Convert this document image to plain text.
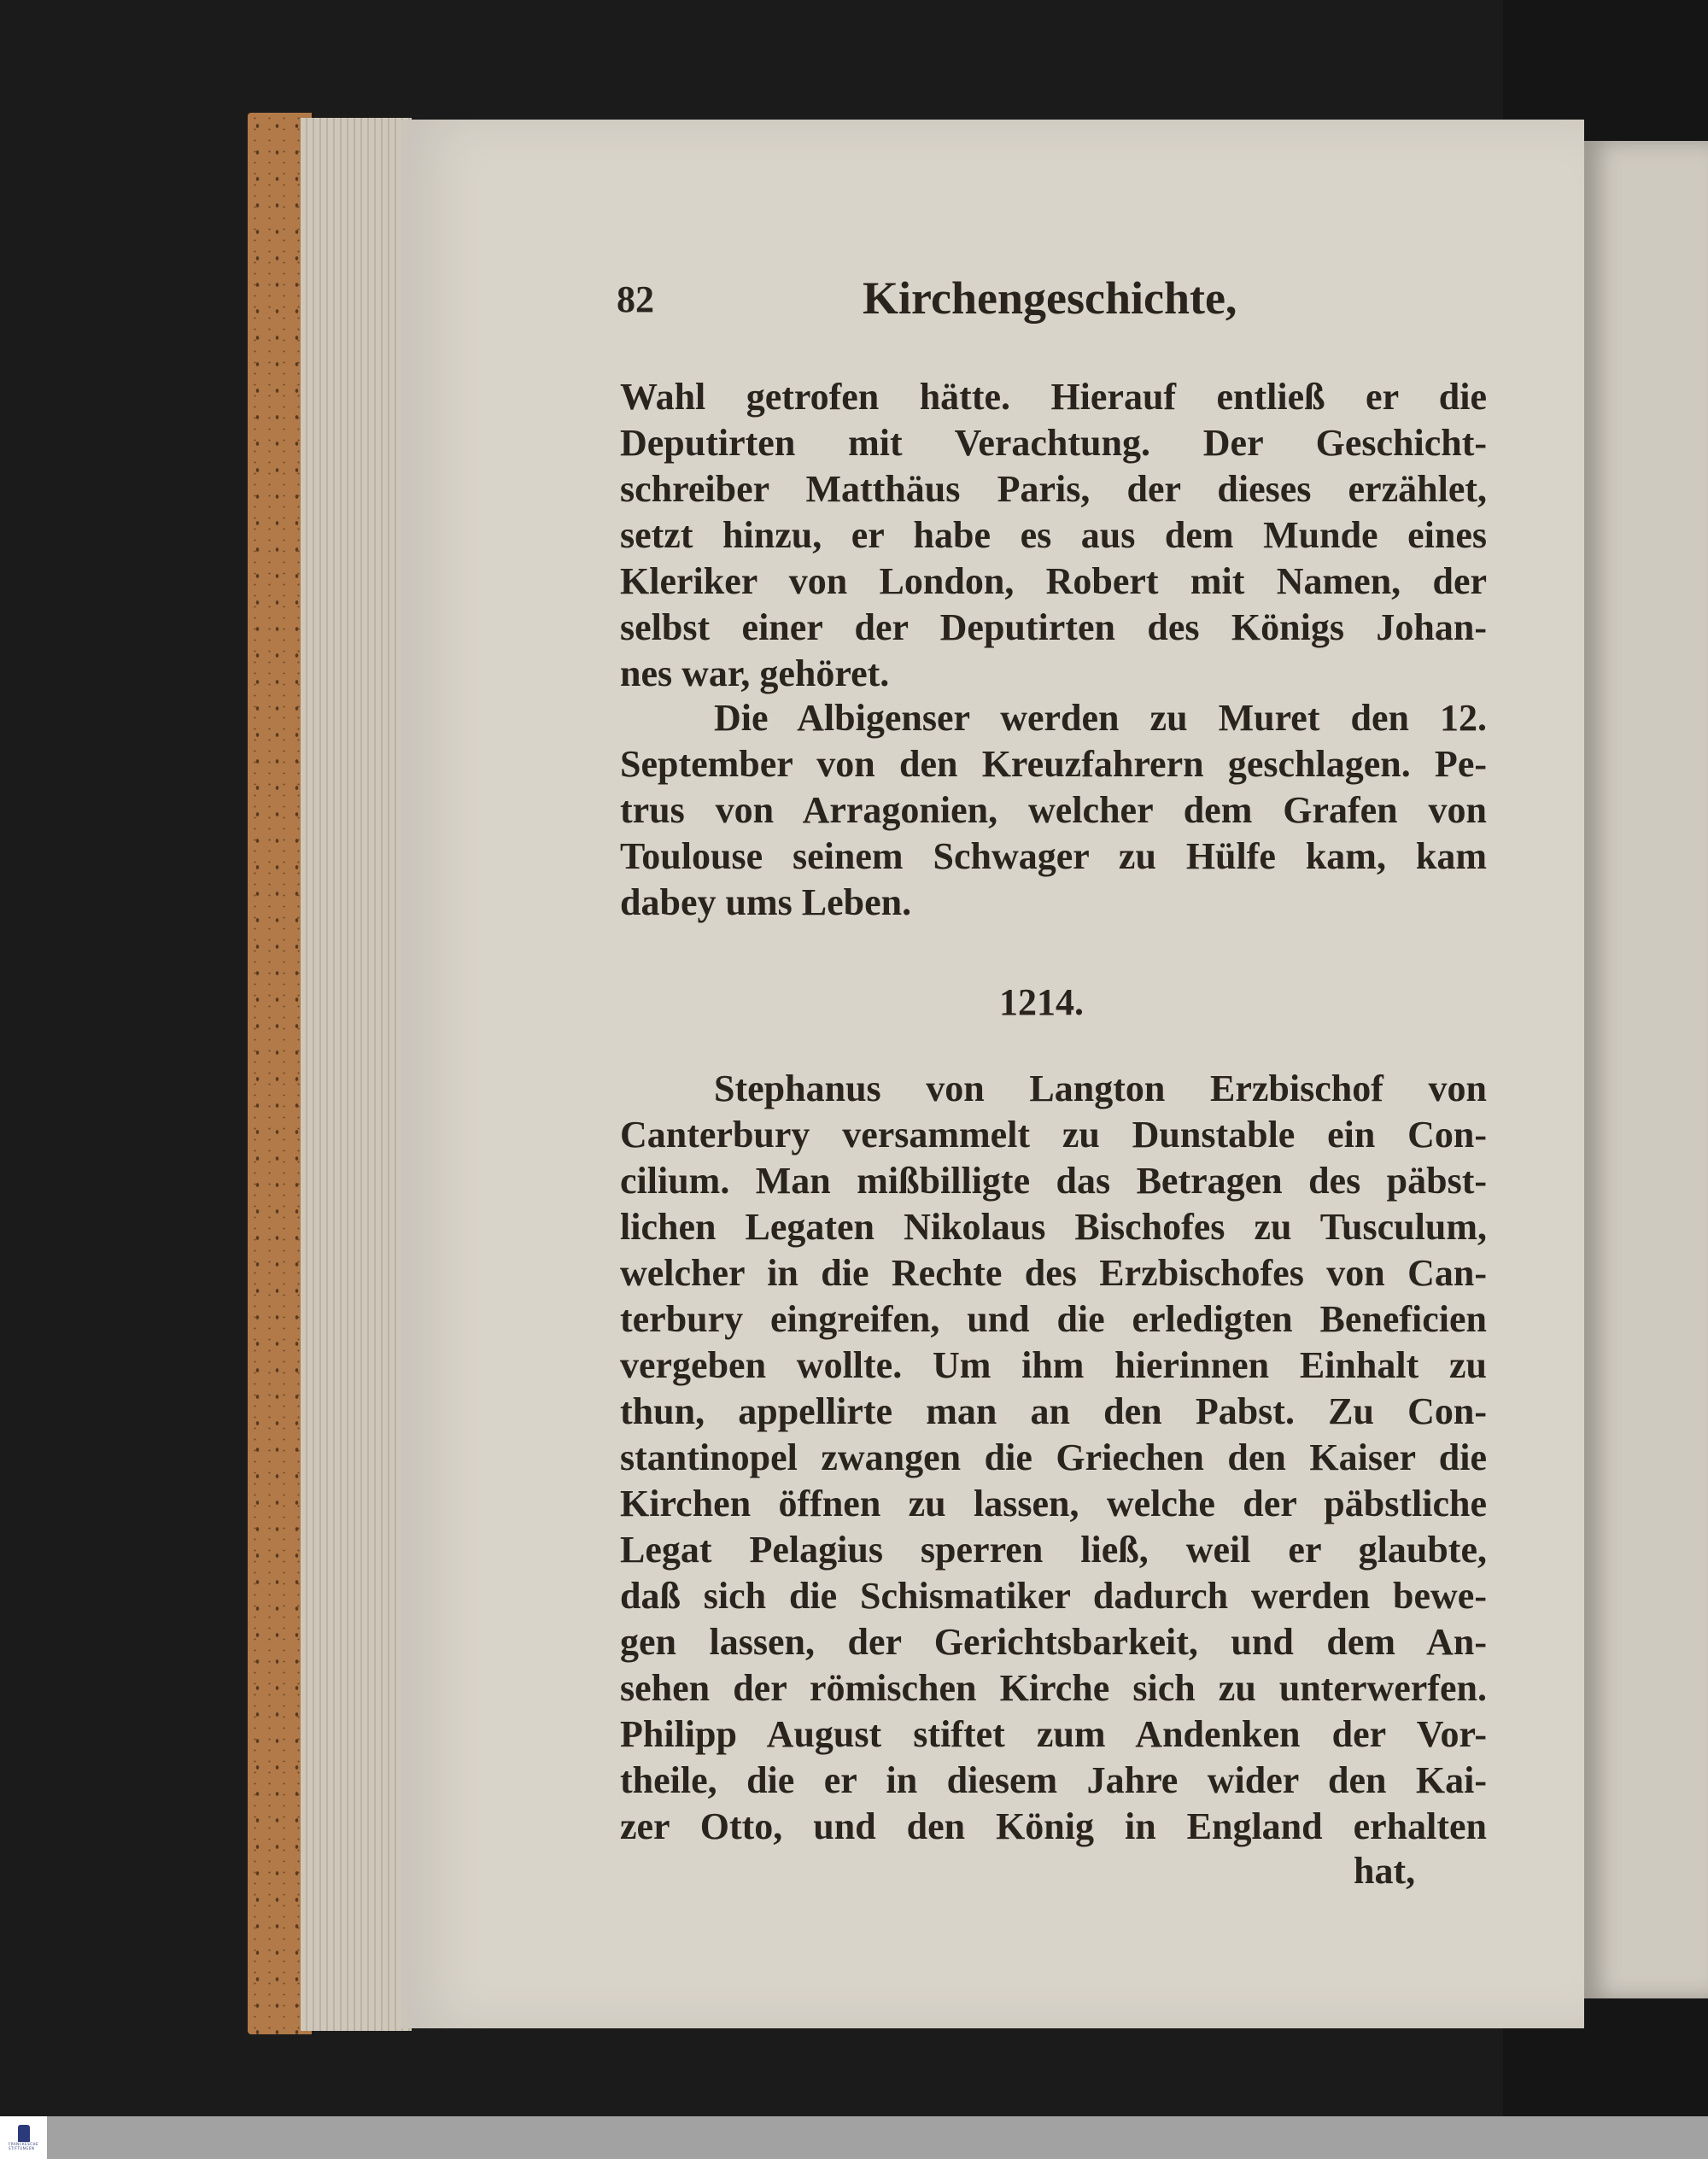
82	Kirchengeschichte,
Wahl getrofen hätte. Hierauf entließ er die
Deputirten mit Verachtung. Der Geschicht-
schreiber Matthäus Paris, der dieses erzählet,
setzt hinzu, er habe es aus dem Munde eines
Kleriker von London, Robert mit Namen, der
selbst einer der Deputirten des Königs Johan-
nes war, gehöret.
Die Albigenser werden zu Muret den 12.
September von den Kreuzfahrern geschlagen. Pe-
trus von Arragonien, welcher dem Grafen von
Toulouse seinem Schwager zu Hülfe kam, kam
dabey ums Leben.
1214.
Stephanus von Langton Erzbischof von
Canterbury versammelt zu Dunstable ein Con-
cilium. Man mißbilligte das Betragen des päbst-
lichen Legaten Nikolaus Bischofes zu Tusculum,
welcher in die Rechte des Erzbischofes von Can-
terbury eingreifen, und die erledigten Beneficien
vergeben wollte. Um ihm hierinnen Einhalt zu
thun, appellirte man an den Pabst. Zu Con-
stantinopel zwangen die Griechen den Kaiser die
Kirchen öffnen zu lassen, welche der päbstliche
Legat Pelagius sperren ließ, weil er glaubte,
daß sich die Schismatiker dadurch werden bewe-
gen lassen, der Gerichtsbarkeit, und dem An-
sehen der römischen Kirche sich zu unterwerfen.
Philipp August stiftet zum Andenken der Vor-
theile, die er in diesem Jahre wider den Kai-
zer Otto, und den König in England erhalten
hat,
FRANCKESCHE
STIFTUNGEN
